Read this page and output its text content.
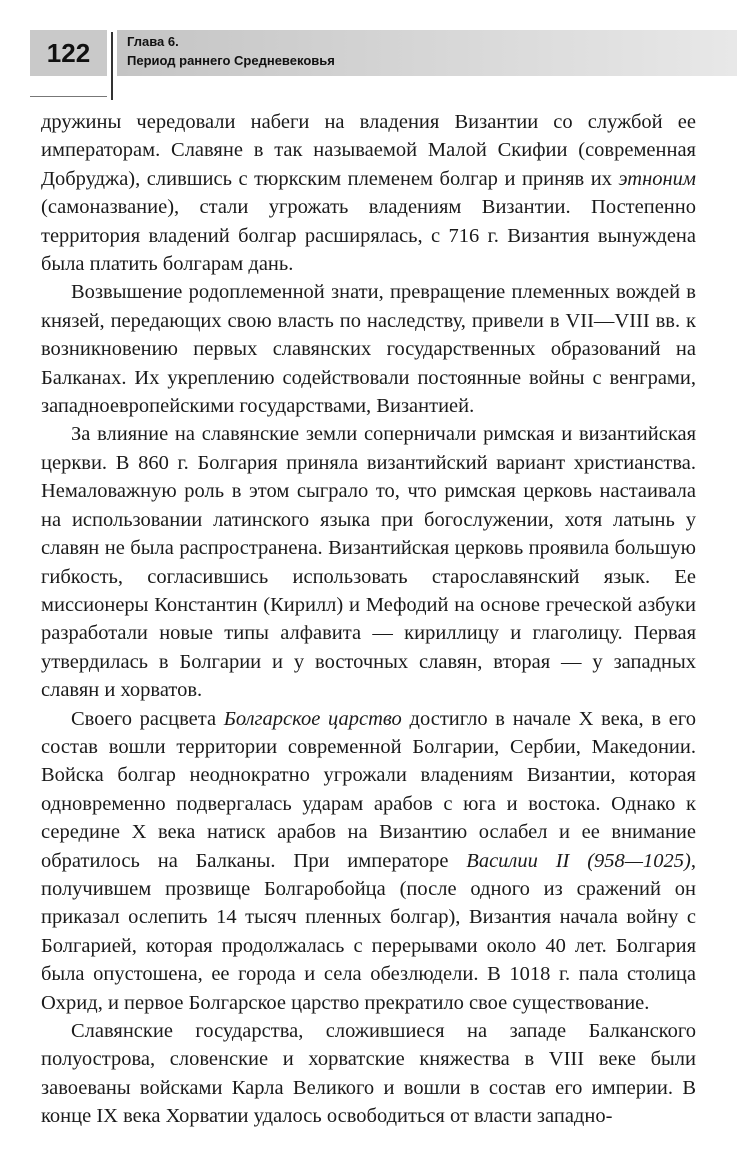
122	Глава 6.
Период раннего Средневековья

дружины чередовали набеги на владения Византии со службой ее императорам. Славяне в так называемой Малой Скифии (современная Добруджа), слившись с тюркским племенем болгар и приняв их этноним (самоназвание), стали угрожать владениям Византии. Постепенно территория владений болгар расширялась, с 716 г. Византия вынуждена была платить болгарам дань.

Возвышение родоплеменной знати, превращение племенных вождей в князей, передающих свою власть по наследству, привели в VII—VIII вв. к возникновению первых славянских государственных образований на Балканах. Их укреплению содействовали постоянные войны с венграми, западноевропейскими государствами, Византией.

За влияние на славянские земли соперничали римская и византийская церкви. В 860 г. Болгария приняла византийский вариант христианства. Немаловажную роль в этом сыграло то, что римская церковь настаивала на использовании латинского языка при богослужении, хотя латынь у славян не была распространена. Византийская церковь проявила большую гибкость, согласившись использовать старославянский язык. Ее миссионеры Константин (Кирилл) и Мефодий на основе греческой азбуки разработали новые типы алфавита — кириллицу и глаголицу. Первая утвердилась в Болгарии и у восточных славян, вторая — у западных славян и хорватов.

Своего расцвета Болгарское царство достигло в начале X века, в его состав вошли территории современной Болгарии, Сербии, Македонии. Войска болгар неоднократно угрожали владениям Византии, которая одновременно подвергалась ударам арабов с юга и востока. Однако к середине X века натиск арабов на Византию ослабел и ее внимание обратилось на Балканы. При императоре Василии II (958—1025), получившем прозвище Болгаробойца (после одного из сражений он приказал ослепить 14 тысяч пленных болгар), Византия начала войну с Болгарией, которая продолжалась с перерывами около 40 лет. Болгария была опустошена, ее города и села обезлюдели. В 1018 г. пала столица Охрид, и первое Болгарское царство прекратило свое существование.

Славянские государства, сложившиеся на западе Балканского полуострова, словенские и хорватские княжества в VIII веке были завоеваны войсками Карла Великого и вошли в состав его империи. В конце IX века Хорватии удалось освободиться от власти западно-
